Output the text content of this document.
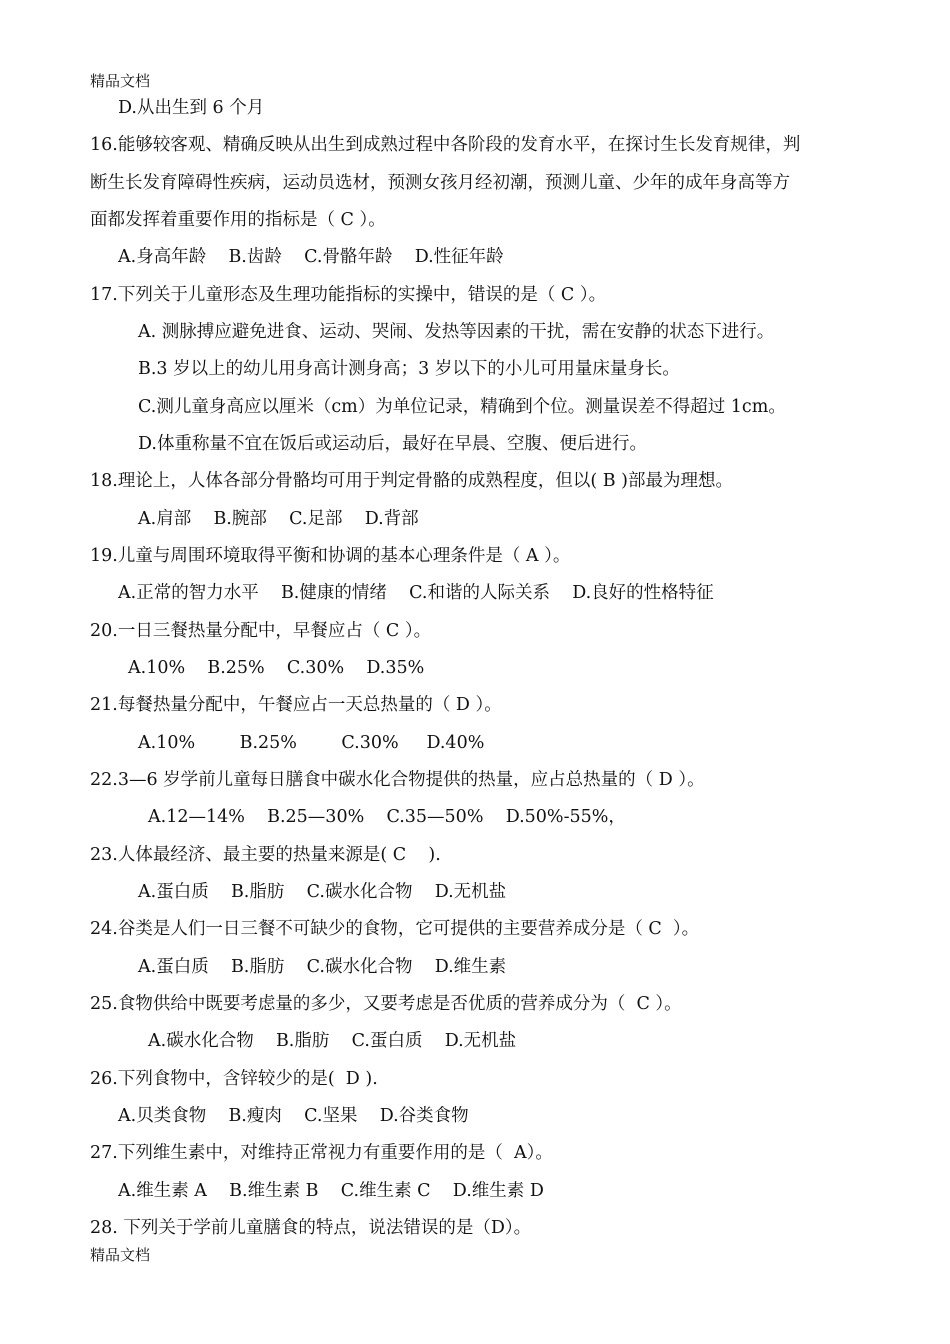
精品文档
D.从出生到 6 个月
16.能够较客观、精确反映从出生到成熟过程中各阶段的发育水平，在探讨生长发育规律，判
断生长发育障碍性疾病，运动员选材，预测女孩月经初潮，预测儿童、少年的成年身高等方
面都发挥着重要作用的指标是（ C ）。
A.身高年龄    B.齿龄    C.骨骼年龄    D.性征年龄
17.下列关于儿童形态及生理功能指标的实操中，错误的是（ C ）。
A. 测脉搏应避免进食、运动、哭闹、发热等因素的干扰，需在安静的状态下进行。
B.3 岁以上的幼儿用身高计测身高；3 岁以下的小儿可用量床量身长。
C.测儿童身高应以厘米（cm）为单位记录，精确到个位。测量误差不得超过 1cm。
D.体重称量不宜在饭后或运动后，最好在早晨、空腹、便后进行。
18.理论上，人体各部分骨骼均可用于判定骨骼的成熟程度，但以( B )部最为理想。
A.肩部    B.腕部    C.足部    D.背部
19.儿童与周围环境取得平衡和协调的基本心理条件是（ A ）。
A.正常的智力水平    B.健康的情绪    C.和谐的人际关系    D.良好的性格特征
20.一日三餐热量分配中，早餐应占（ C ）。
A.10%    B.25%    C.30%    D.35%
21.每餐热量分配中，午餐应占一天总热量的（ D ）。
A.10%        B.25%        C.30%     D.40%
22.3—6 岁学前儿童每日膳食中碳水化合物提供的热量，应占总热量的（ D ）。
A.12—14%    B.25—30%    C.35—50%    D.50%-55%，
23.人体最经济、最主要的热量来源是( C    ).
A.蛋白质    B.脂肪    C.碳水化合物    D.无机盐
24.谷类是人们一日三餐不可缺少的食物，它可提供的主要营养成分是（ C  ）。
A.蛋白质    B.脂肪    C.碳水化合物    D.维生素
25.食物供给中既要考虑量的多少，又要考虑是否优质的营养成分为（  C ）。
A.碳水化合物    B.脂肪    C.蛋白质    D.无机盐
26.下列食物中，含锌较少的是(  D ).
A.贝类食物    B.瘦肉    C.坚果    D.谷类食物
27.下列维生素中，对维持正常视力有重要作用的是（  A）。
A.维生素 A    B.维生素 B    C.维生素 C    D.维生素 D
28. 下列关于学前儿童膳食的特点，说法错误的是（D）。
精品文档
